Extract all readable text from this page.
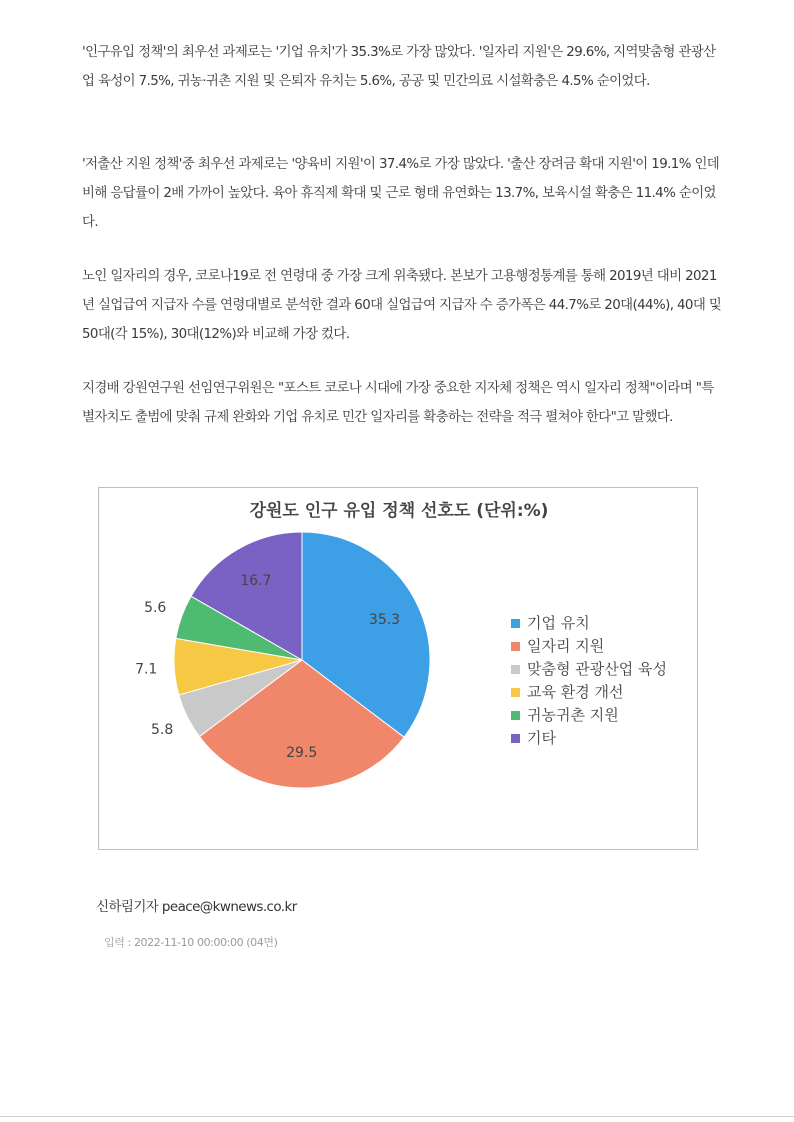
'인구유입 정책'의 최우선 과제로는 '기업 유치'가 35.3%로 가장 많았다. '일자리 지원'은 29.6%, 지역맞춤형 관광산업 육성이 7.5%, 귀농·귀촌 지원 및 은퇴자 유치는 5.6%, 공공 및 민간의료 시설확충은 4.5% 순이었다.

'저출산 지원 정책'중 최우선 과제로는 '양육비 지원'이 37.4%로 가장 많았다. '출산 장려금 확대 지원'이 19.1% 인데 비해 응답률이 2배 가까이 높았다. 육아 휴직제 확대 및 근로 형태 유연화는 13.7%, 보육시설 확충은 11.4% 순이었다.

노인 일자리의 경우, 코로나19로 전 연령대 중 가장 크게 위축됐다. 본보가 고용행정통계를 통해 2019년 대비 2021년 실업급여 지급자 수를 연령대별로 분석한 결과 60대 실업급여 지급자 수 증가폭은 44.7%로 20대(44%), 40대 및 50대(각 15%), 30대(12%)와 비교해 가장 컸다.

지경배 강원연구원 선임연구위원은 "포스트 코로나 시대에 가장 중요한 지자체 정책은 역시 일자리 정책"이라며 "특별자치도 출범에 맞춰 규제 완화와 기업 유치로 민간 일자리를 확충하는 전략을 적극 펼쳐야 한다"고 말했다.

강원도 인구 유입 정책 선호도 (단위:%)
35.3
29.5
5.8
7.1
5.6
16.7
기업 유치
일자리 지원
맞춤형 관광산업 육성
교육 환경 개선
귀농귀촌 지원
기타
신하림기자 peace@kwnews.co.kr
입력 : 2022-11-10 00:00:00 (04면)
